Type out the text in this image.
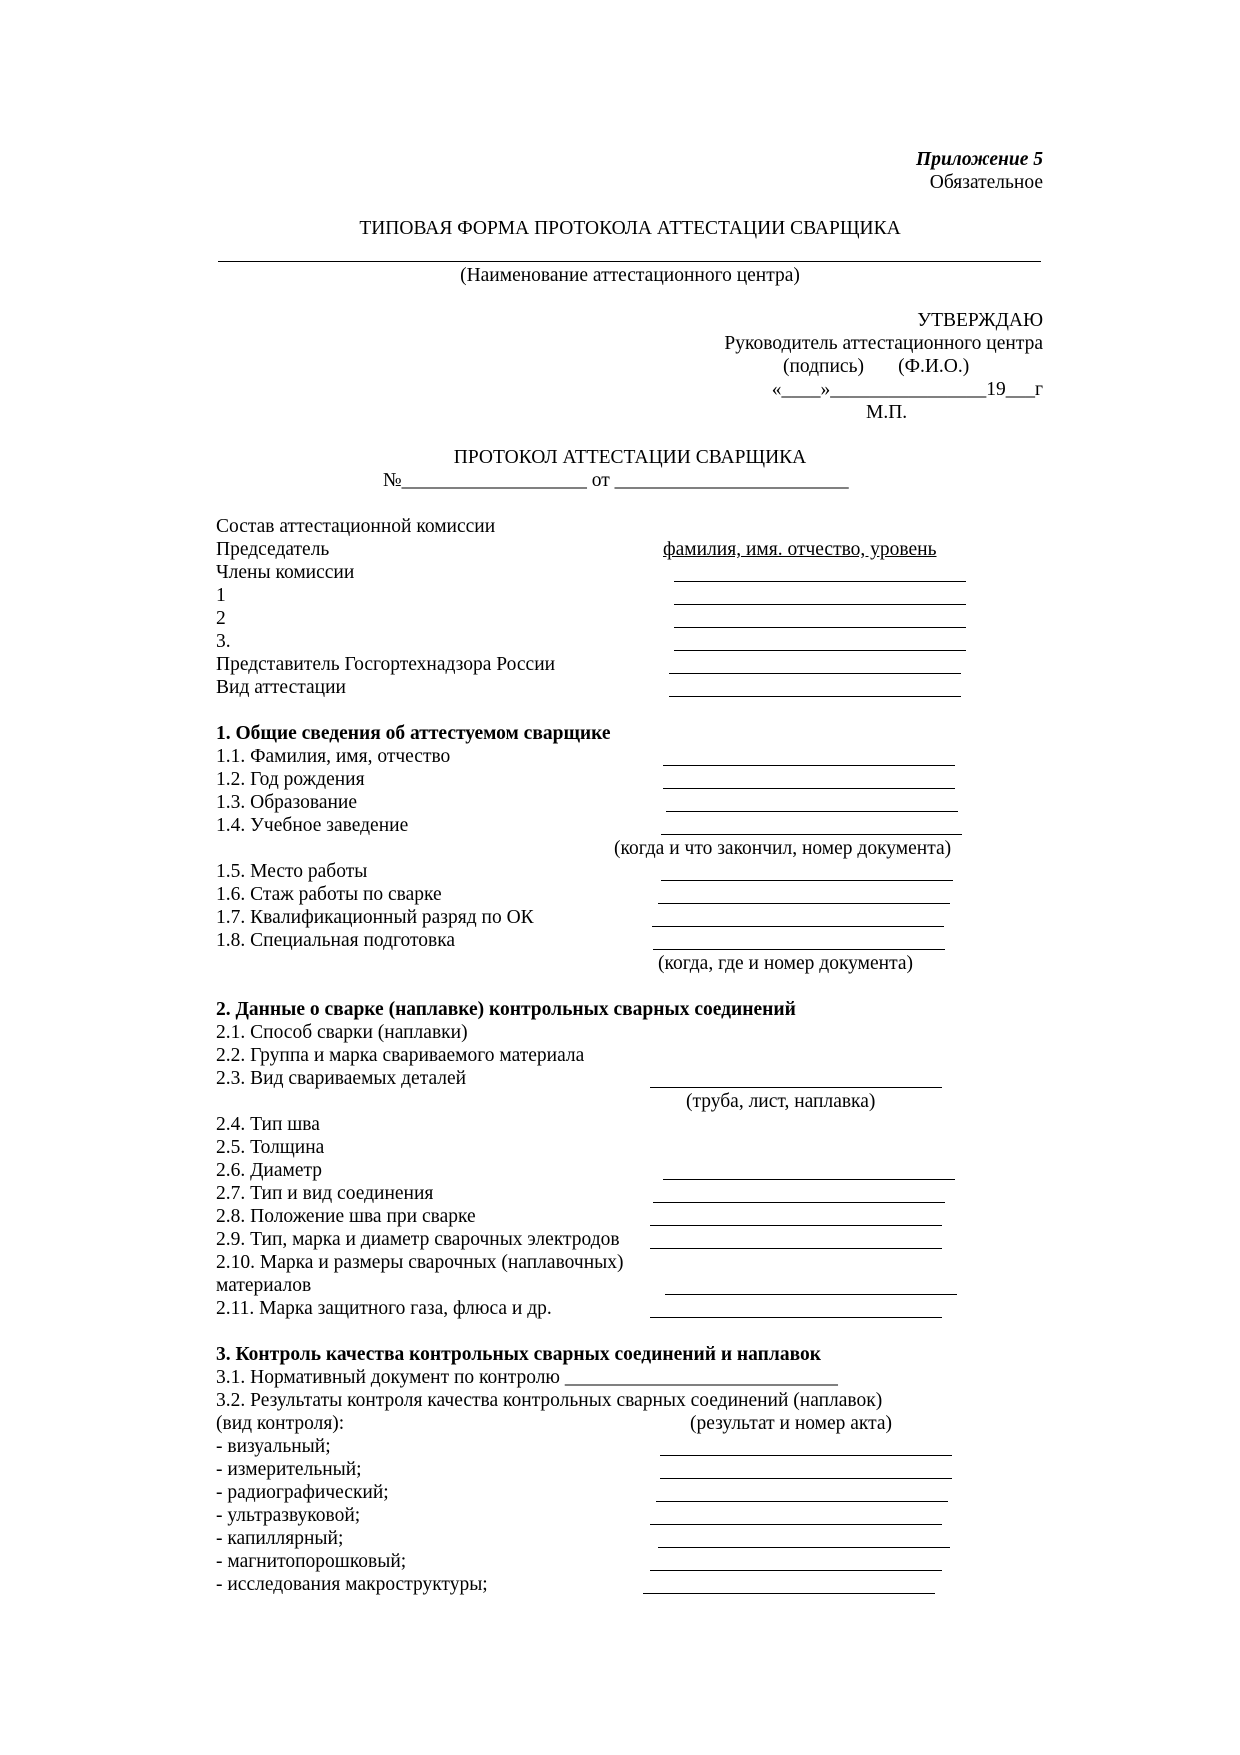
Приложение 5
Обязательное
ТИПОВАЯ ФОРМА ПРОТОКОЛА АТТЕСТАЦИИ СВАРЩИКА
(Наименование аттестационного центра)
УТВЕРЖДАЮ
Руководитель аттестационного центра
(подпись)       (Ф.И.О.)
«____»________________19___г
М.П.
ПРОТОКОЛ АТТЕСТАЦИИ СВАРЩИКА
№___________________ от ________________________
Состав аттестационной комиссии
Председатель	фамилия, имя. отчество, уровень
Члены комиссии
1
2
3.
Представитель Госгортехнадзора России
Вид аттестации
1. Общие сведения об аттестуемом сварщике
1.1. Фамилия, имя, отчество
1.2. Год рождения
1.3. Образование
1.4. Учебное заведение
(когда и что закончил, номер документа)
1.5. Место работы
1.6. Стаж работы по сварке
1.7. Квалификационный разряд по ОК
1.8. Специальная подготовка
(когда, где и номер документа)
2. Данные о сварке (наплавке) контрольных сварных соединений
2.1. Способ сварки (наплавки)
2.2. Группа и марка свариваемого материала
2.3. Вид свариваемых деталей
(труба, лист, наплавка)
2.4. Тип шва
2.5. Толщина
2.6. Диаметр
2.7. Тип и вид соединения
2.8. Положение шва при сварке
2.9. Тип, марка и диаметр сварочных электродов
2.10. Марка и размеры сварочных (наплавочных)
материалов
2.11. Марка защитного газа, флюса и др.
3. Контроль качества контрольных сварных соединений и наплавок
3.1. Нормативный документ по контролю ____________________________
3.2. Результаты контроля качества контрольных сварных соединений (наплавок)
(вид контроля):	(результат и номер акта)
- визуальный;
- измерительный;
- радиографический;
- ультразвуковой;
- капиллярный;
- магнитопорошковый;
- исследования макроструктуры;
